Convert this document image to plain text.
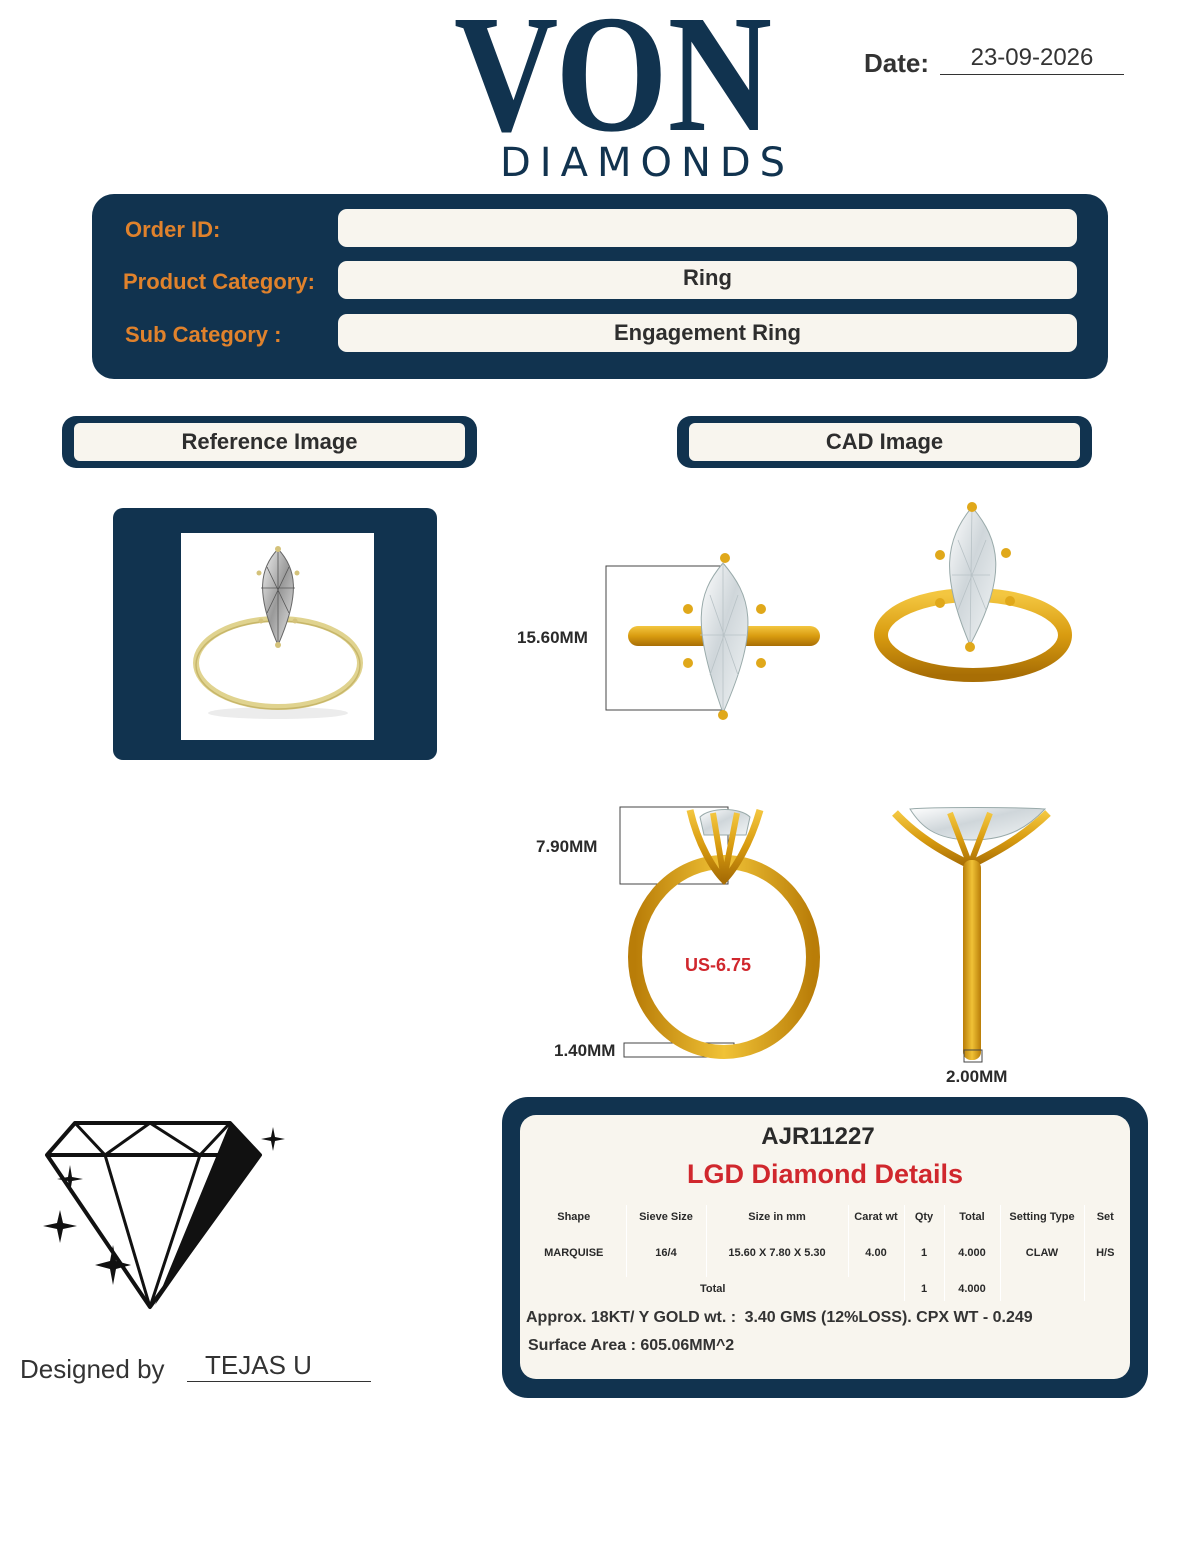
VON
DIAMONDS
Date:	23-09-2026
Order ID:
Product Category:	Ring
Sub Category :	Engagement Ring
Reference Image	CAD Image
15.60MM
7.90MM
1.40MM
2.00MM
US-6.75
Designed by	TEJAS U
AJR11227
LGD Diamond Details
Shape	Sieve Size	Size in mm	Carat wt	Qty	Total	Setting Type	Set
MARQUISE	16/4	15.60 X 7.80 X 5.30	4.00	1	4.000	CLAW	H/S
Total				1	4.000		
Approx. 18KT/ Y GOLD wt. : 3.40 GMS (12%LOSS). CPX WT - 0.249
Surface Area : 605.06MM^2
